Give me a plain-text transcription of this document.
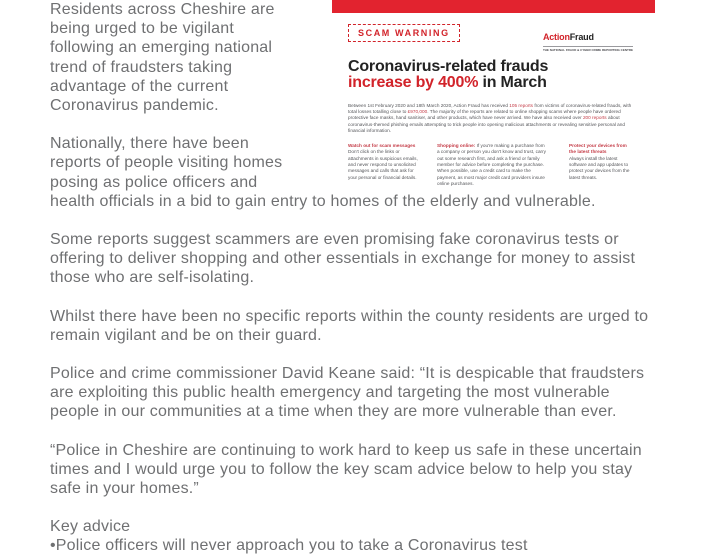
SCAM WARNING	ActionFraud
THE NATIONAL FRAUD & CYBER CRIME REPORTING CENTRE
Coronavirus-related frauds
increase by 400% in March

Between 1st February 2020 and 18th March 2020, Action Fraud has received 105 reports from victims of coronavirus-related frauds, with total losses totalling close to £970,000. The majority of the reports are related to online shopping scams where people have ordered protective face masks, hand sanitiser, and other products, which have never arrived. We have also received over 200 reports about coronavirus-themed phishing emails attempting to trick people into opening malicious attachments or revealing sensitive personal and financial information.

Watch out for scam messages
Don't click on the links or attachments in suspicious emails, and never respond to unsolicited messages and calls that ask for your personal or financial details.
Shopping online: If you're making a purchase from a company or person you don't know and trust, carry out some research first, and ask a friend or family member for advice before completing the purchase. When possible, use a credit card to make the payment, as most major credit card providers insure online purchases.
Protect your devices from the latest threats
Always install the latest software and app updates to protect your devices from the latest threats.
Residents across Cheshire are
being urged to be vigilant
following an emerging national
trend of fraudsters taking
advantage of the current
Coronavirus pandemic.
Nationally, there have been
reports of people visiting homes
posing as police officers and
health officials in a bid to gain entry to homes of the elderly and vulnerable.
Some reports suggest scammers are even promising fake coronavirus tests or
offering to deliver shopping and other essentials in exchange for money to assist
those who are self-isolating.
Whilst there have been no specific reports within the county residents are urged to
remain vigilant and be on their guard.
Police and crime commissioner David Keane said: “It is despicable that fraudsters
are exploiting this public health emergency and targeting the most vulnerable
people in our communities at a time when they are more vulnerable than ever.
“Police in Cheshire are continuing to work hard to keep us safe in these uncertain
times and I would urge you to follow the key scam advice below to help you stay
safe in your homes.”
Key advice
•Police officers will never approach you to take a Coronavirus test
